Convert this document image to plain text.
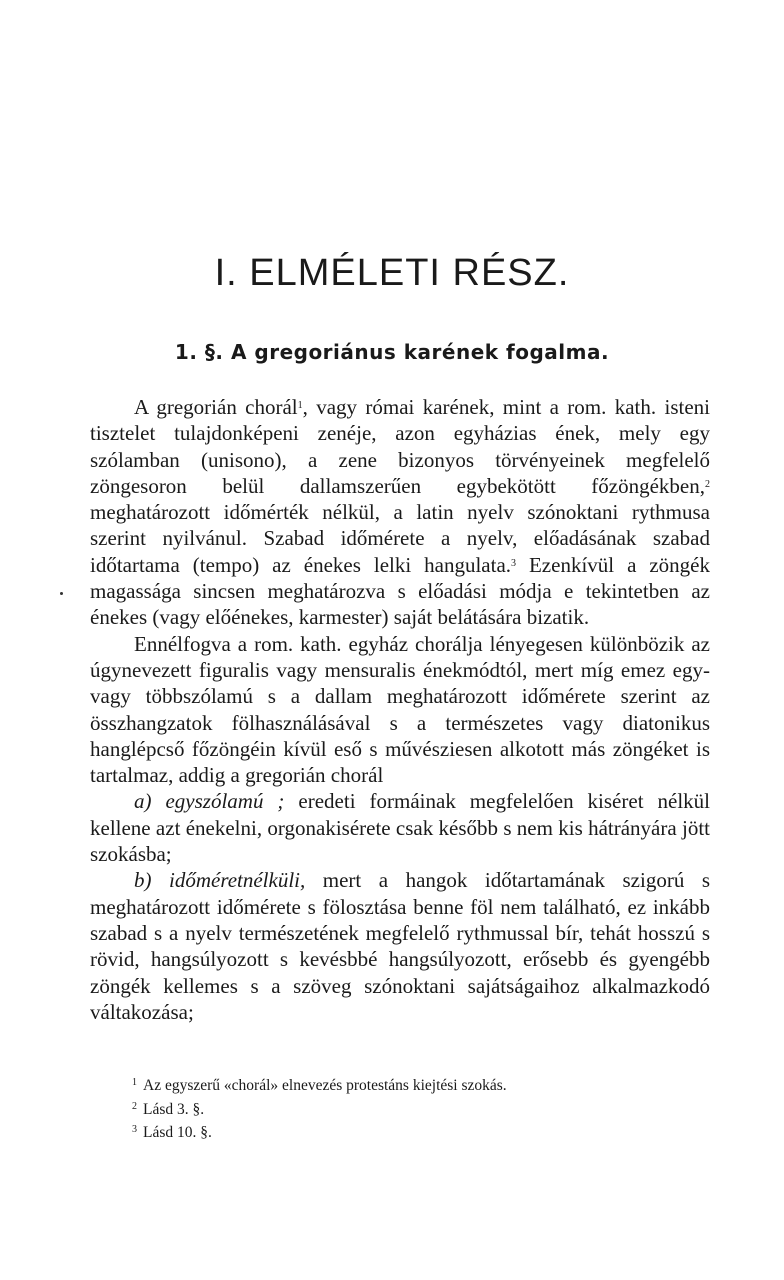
I. ELMÉLETI RÉSZ.
1. §. A gregoriánus karének fogalma.

A gregorián chorál$^1$, vagy római karének, mint a rom. kath. isteni tisztelet tulajdonképeni zenéje, azon egyházias ének, mely egy szólamban (unisono), a zene bizonyos törvényeinek megfelelő zöngesoron belül dallamszerűen egybekötött főzöngékben,$^2$ meghatározott időmérték nélkül, a latin nyelv szónoktani rythmusa szerint nyilvánul. Szabad időmérete a nyelv, előadásának szabad időtartama (tempo) az énekes lelki hangulata.$^3$ Ezenkívül a zöngék magassága sincsen meghatározva s előadási módja e tekintetben az énekes (vagy előénekes, karmester) saját belátására bizatik.

Ennélfogva a rom. kath. egyház chorálja lényegesen különbözik az úgynevezett figuralis vagy mensuralis énekmódtól, mert míg emez egy- vagy többszólamú s a dallam meghatározott időmérete szerint az összhangzatok fölhasználásával s a természetes vagy diatonikus hanglépcső főzöngéin kívül eső s művésziesen alkotott más zöngéket is tartalmaz, addig a gregorián chorál

a) egyszólamú ; eredeti formáinak megfelelően kiséret nélkül kellene azt énekelni, orgonakisérete csak később s nem kis hátrányára jött szokásba;

b) időméretnélküli, mert a hangok időtartamának szigorú s meghatározott időmérete s fölosztása benne föl nem található, ez inkább szabad s a nyelv természetének megfelelő rythmussal bír, tehát hosszú s rövid, hangsúlyozott s kevésbbé hangsúlyozott, erősebb és gyengébb zöngék kellemes s a szöveg szónoktani sajátságaihoz alkalmazkodó váltakozása;

$^1$ Az egyszerű «chorál» elnevezés protestáns kiejtési szokás.

$^2$ Lásd 3. §.

$^3$ Lásd 10. §.
